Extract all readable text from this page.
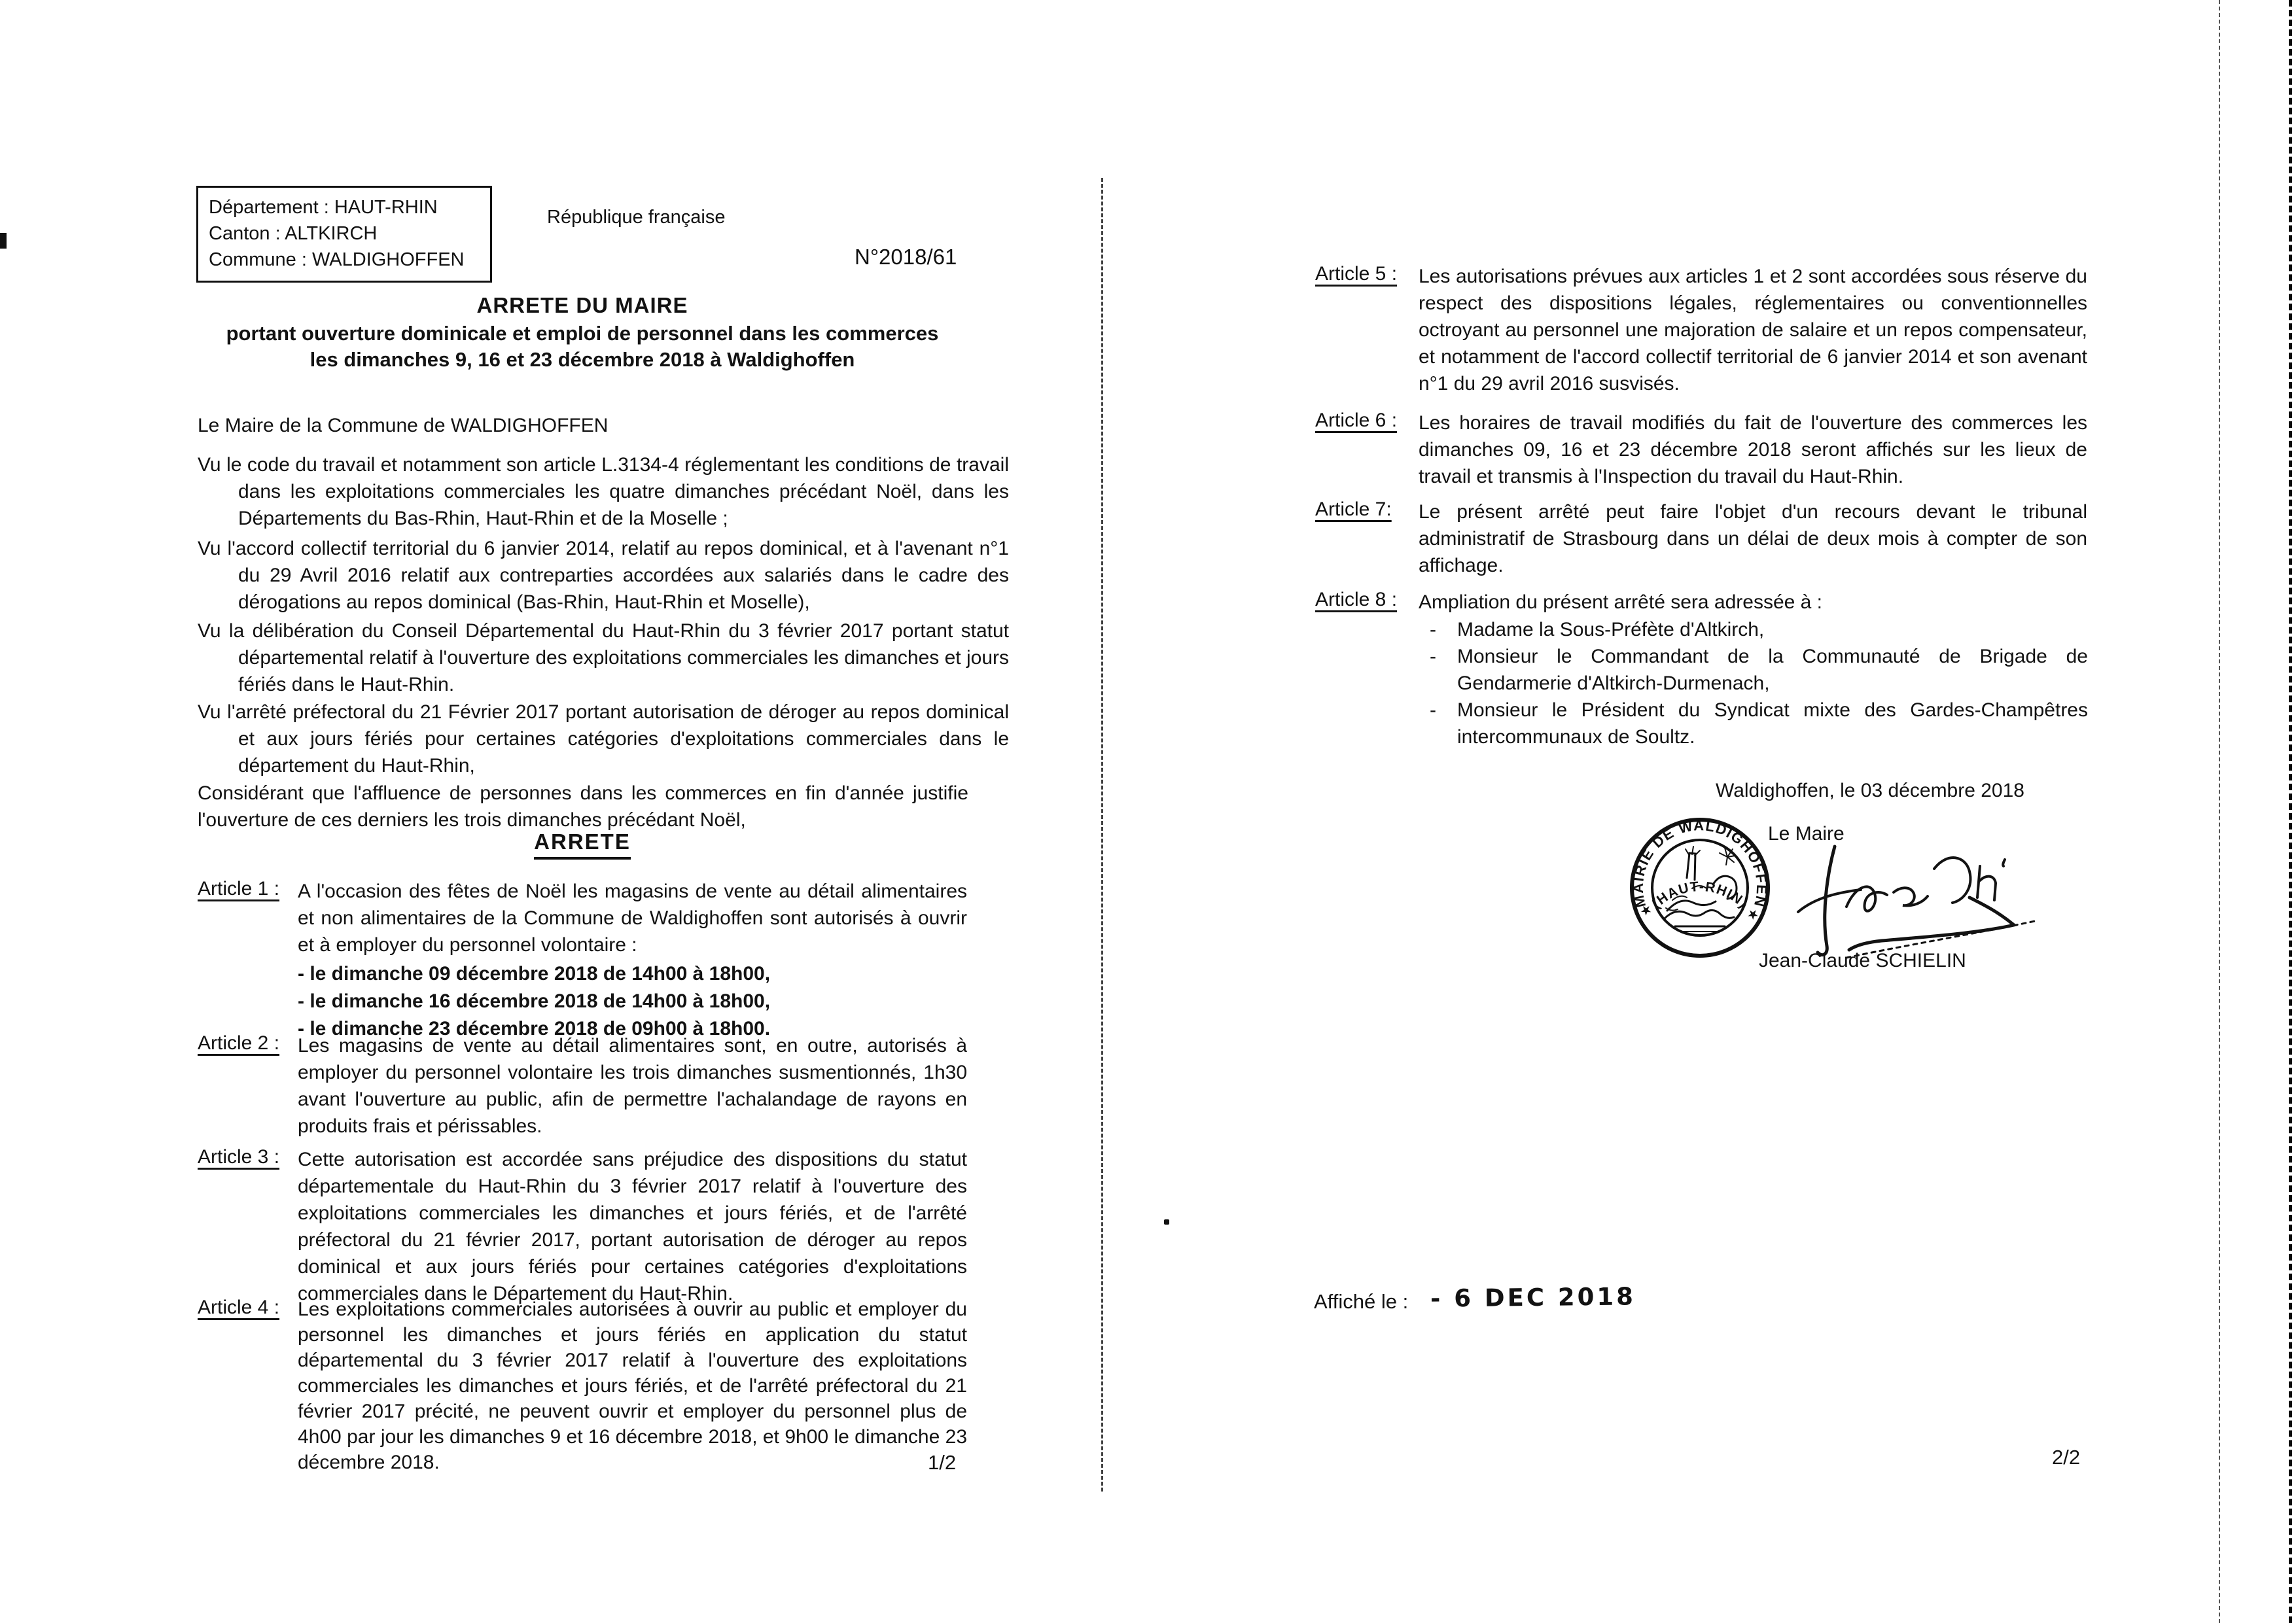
Département : HAUT-RHIN
Canton : ALTKIRCH
Commune : WALDIGHOFFEN
République française
N°2018/61
ARRETE DU MAIRE
portant ouverture dominicale et emploi de personnel dans les commerces
les dimanches 9, 16 et 23 décembre 2018 à Waldighoffen
Le Maire de la Commune de WALDIGHOFFEN
Vu le code du travail et notamment son article L.3134-4 réglementant les conditions de travail dans les exploitations commerciales les quatre dimanches précédant Noël, dans les Départements du Bas-Rhin, Haut-Rhin et de la Moselle ;
Vu l'accord collectif territorial du 6 janvier 2014, relatif au repos dominical, et à l'avenant n°1 du 29 Avril 2016 relatif aux contreparties accordées aux salariés dans le cadre des dérogations au repos dominical (Bas-Rhin, Haut-Rhin et Moselle),
Vu la délibération du Conseil Départemental du Haut-Rhin du 3 février 2017 portant statut départemental relatif à l'ouverture des exploitations commerciales les dimanches et jours fériés dans le Haut-Rhin.
Vu l'arrêté préfectoral du 21 Février 2017 portant autorisation de déroger au repos dominical et aux jours fériés pour certaines catégories d'exploitations commerciales dans le département du Haut-Rhin,
Considérant que l'affluence de personnes dans les commerces en fin d'année justifie l'ouverture de ces derniers les trois dimanches précédant Noël,
ARRETE
Article 1 : A l'occasion des fêtes de Noël les magasins de vente au détail alimentaires et non alimentaires de la Commune de Waldighoffen sont autorisés à ouvrir et à employer du personnel volontaire :
- le dimanche 09 décembre 2018 de 14h00 à 18h00,
- le dimanche 16 décembre 2018 de 14h00 à 18h00,
- le dimanche 23 décembre 2018 de 09h00 à 18h00.
Article 2 : Les magasins de vente au détail alimentaires sont, en outre, autorisés à employer du personnel volontaire les trois dimanches susmentionnés, 1h30 avant l'ouverture au public, afin de permettre l'achalandage de rayons en produits frais et périssables.
Article 3 : Cette autorisation est accordée sans préjudice des dispositions du statut départementale du Haut-Rhin du 3 février 2017 relatif à l'ouverture des exploitations commerciales les dimanches et jours fériés, et de l'arrêté préfectoral du 21 février 2017, portant autorisation de déroger au repos dominical et aux jours fériés pour certaines catégories d'exploitations commerciales dans le Département du Haut-Rhin.
Article 4 : Les exploitations commerciales autorisées à ouvrir au public et employer du personnel les dimanches et jours fériés en application du statut départemental du 3 février 2017 relatif à l'ouverture des exploitations commerciales les dimanches et jours fériés, et de l'arrêté préfectoral du 21 février 2017 précité, ne peuvent ouvrir et employer du personnel plus de 4h00 par jour les dimanches 9 et 16 décembre 2018, et 9h00 le dimanche 23 décembre 2018.	1/2
Article 5 : Les autorisations prévues aux articles 1 et 2 sont accordées sous réserve du respect des dispositions légales, réglementaires ou conventionnelles octroyant au personnel une majoration de salaire et un repos compensateur, et notamment de l'accord collectif territorial de 6 janvier 2014 et son avenant n°1 du 29 avril 2016 susvisés.
Article 6 : Les horaires de travail modifiés du fait de l'ouverture des commerces les dimanches 09, 16 et 23 décembre 2018 seront affichés sur les lieux de travail et transmis à l'Inspection du travail du Haut-Rhin.
Article 7: Le présent arrêté peut faire l'objet d'un recours devant le tribunal administratif de Strasbourg dans un délai de deux mois à compter de son affichage.
Article 8 : Ampliation du présent arrêté sera adressée à :
- Madame la Sous-Préfète d'Altkirch,
- Monsieur le Commandant de la Communauté de Brigade de Gendarmerie d'Altkirch-Durmenach,
- Monsieur le Président du Syndicat mixte des Gardes-Champêtres intercommunaux de Soultz.
Waldighoffen, le 03 décembre 2018
Le Maire
MAIRIE DE WALDIGHOFFEN
(HAUT-RHIN)
★	★
Jean-Claude SCHIELIN
Affiché le : - 6 DEC 2018
2/2
